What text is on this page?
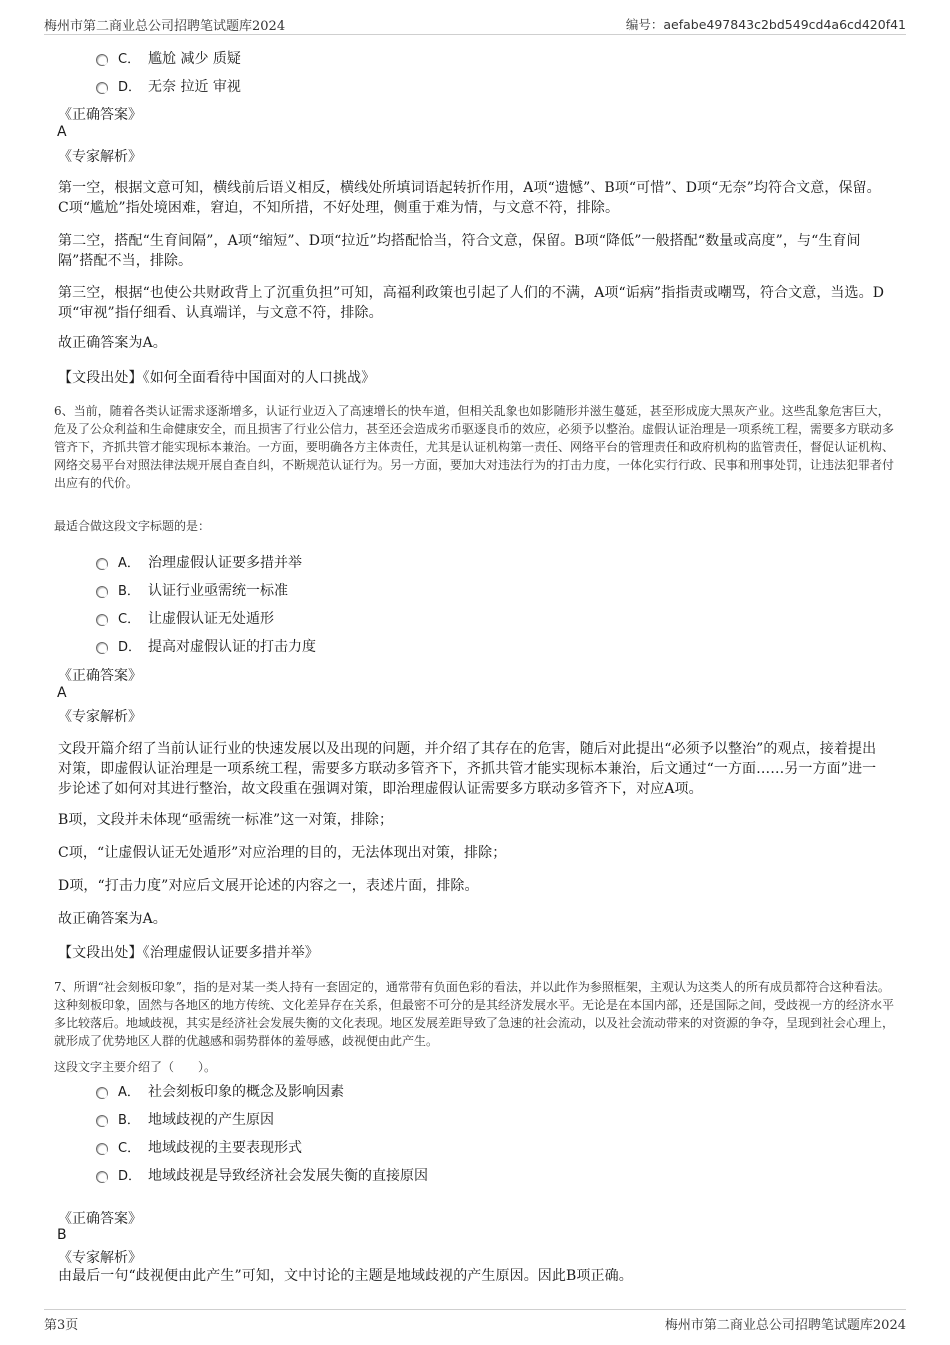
梅州市第二商业总公司招聘笔试题库2024	编号：aefabe497843c2bd549cd4a6cd420f41
C． 尴尬 减少 质疑
D． 无奈 拉近 审视
《正确答案》
A
《专家解析》
第一空，根据文意可知，横线前后语义相反，横线处所填词语起转折作用，A项“遗憾”、B项“可惜”、D项“无奈”均符合文意，保留。C项“尴尬”指处境困难，窘迫，不知所措，不好处理，侧重于难为情，与文意不符，排除。
第二空，搭配“生育间隔”，A项“缩短”、D项“拉近”均搭配恰当，符合文意，保留。B项“降低”一般搭配“数量或高度”，与“生育间隔”搭配不当，排除。
第三空，根据“也使公共财政背上了沉重负担”可知，高福利政策也引起了人们的不满，A项“诟病”指指责或嘲骂，符合文意，当选。D项“审视”指仔细看、认真端详，与文意不符，排除。
故正确答案为A。
【文段出处】《如何全面看待中国面对的人口挑战》
6、当前，随着各类认证需求逐渐增多，认证行业迈入了高速增长的快车道，但相关乱象也如影随形并滋生蔓延，甚至形成庞大黑灰产业。这些乱象危害巨大，危及了公众利益和生命健康安全，而且损害了行业公信力，甚至还会造成劣币驱逐良币的效应，必须予以整治。虚假认证治理是一项系统工程，需要多方联动多管齐下，齐抓共管才能实现标本兼治。一方面，要明确各方主体责任，尤其是认证机构第一责任、网络平台的管理责任和政府机构的监管责任，督促认证机构、网络交易平台对照法律法规开展自查自纠，不断规范认证行为。另一方面，要加大对违法行为的打击力度，一体化实行行政、民事和刑事处罚，让违法犯罪者付出应有的代价。
最适合做这段文字标题的是：
A． 治理虚假认证要多措并举
B． 认证行业亟需统一标准
C． 让虚假认证无处遁形
D． 提高对虚假认证的打击力度
《正确答案》
A
《专家解析》
文段开篇介绍了当前认证行业的快速发展以及出现的问题，并介绍了其存在的危害，随后对此提出“必须予以整治”的观点，接着提出对策，即虚假认证治理是一项系统工程，需要多方联动多管齐下，齐抓共管才能实现标本兼治，后文通过“一方面……另一方面”进一步论述了如何对其进行整治，故文段重在强调对策，即治理虚假认证需要多方联动多管齐下，对应A项。
B项，文段并未体现“亟需统一标准”这一对策，排除；
C项，“让虚假认证无处遁形”对应治理的目的，无法体现出对策，排除；
D项，“打击力度”对应后文展开论述的内容之一，表述片面，排除。
故正确答案为A。
【文段出处】《治理虚假认证要多措并举》
7、所谓“社会刻板印象”，指的是对某一类人持有一套固定的，通常带有负面色彩的看法，并以此作为参照框架，主观认为这类人的所有成员都符合这种看法。这种刻板印象，固然与各地区的地方传统、文化差异存在关系，但最密不可分的是其经济发展水平。无论是在本国内部，还是国际之间，受歧视一方的经济水平多比较落后。地域歧视，其实是经济社会发展失衡的文化表现。地区发展差距导致了急速的社会流动，以及社会流动带来的对资源的争夺，呈现到社会心理上，就形成了优势地区人群的优越感和弱势群体的羞辱感，歧视便由此产生。
这段文字主要介绍了（　　）。
A． 社会刻板印象的概念及影响因素
B． 地域歧视的产生原因
C． 地域歧视的主要表现形式
D． 地域歧视是导致经济社会发展失衡的直接原因
《正确答案》
B
《专家解析》
由最后一句“歧视便由此产生”可知，文中讨论的主题是地域歧视的产生原因。因此B项正确。
第3页	梅州市第二商业总公司招聘笔试题库2024
